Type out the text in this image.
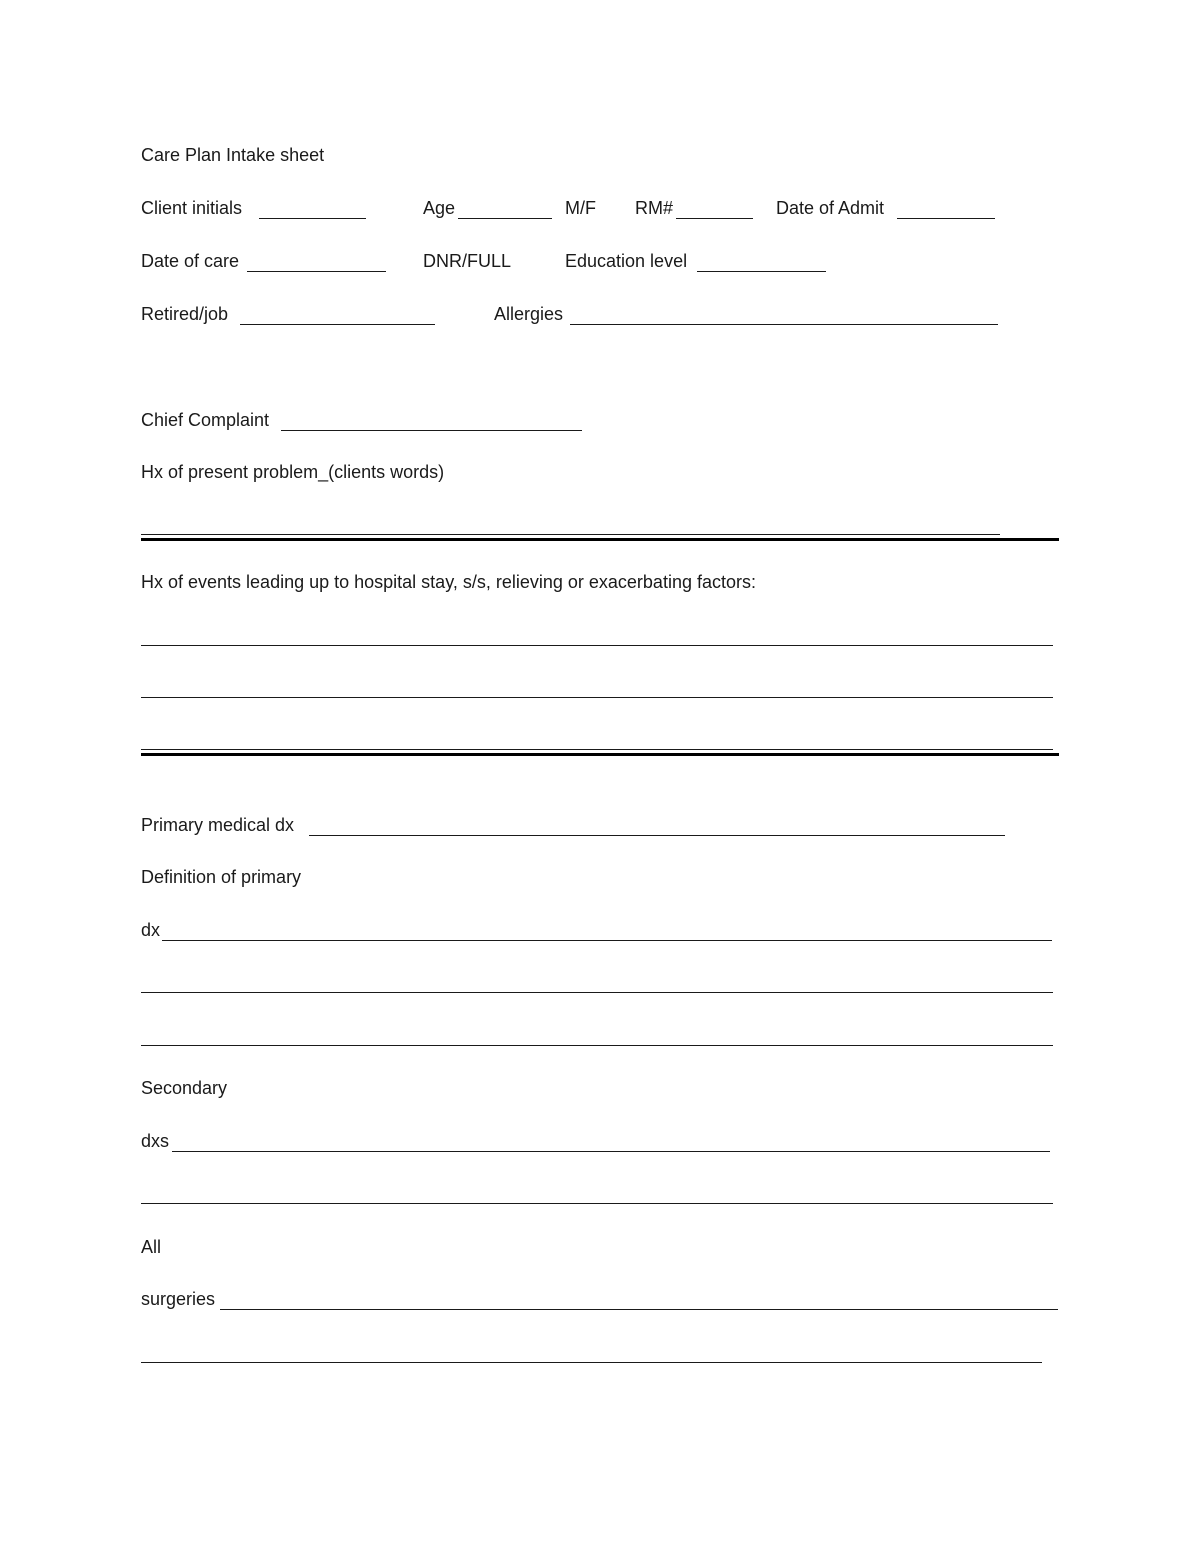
Care Plan Intake sheet
Client initials	Age	M/F RM#	Date of Admit
Date of care	DNR/FULL	Education level
Retired/job	Allergies
Chief Complaint
Hx of present problem_(clients words)
Hx of events leading up to hospital stay, s/s, relieving or exacerbating factors:
Primary medical dx
Definition of primary
dx
Secondary
dxs
All
surgeries
